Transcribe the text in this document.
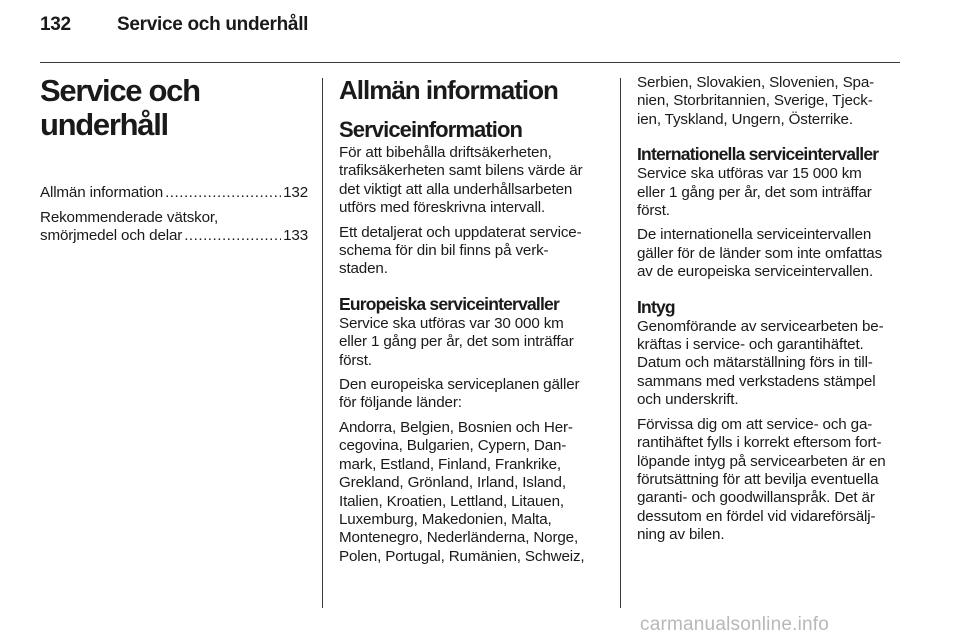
132 Service och underhåll
Service och underhåll
Allmän information .....	132
Rekommenderade vätskor,
smörjmedel och delar .....	133
Allmän information
Serviceinformation
För att bibehålla driftsäkerheten,
trafiksäkerheten samt bilens värde är
det viktigt att alla underhållsarbeten
utförs med föreskrivna intervall.
Ett detaljerat och uppdaterat service-
schema för din bil finns på verk-
staden.
Europeiska serviceintervaller
Service ska utföras var 30 000 km
eller 1 gång per år, det som inträffar
först.
Den europeiska serviceplanen gäller
för följande länder:
Andorra, Belgien, Bosnien och Her-
cegovina, Bulgarien, Cypern, Dan-
mark, Estland, Finland, Frankrike,
Grekland, Grönland, Irland, Island,
Italien, Kroatien, Lettland, Litauen,
Luxemburg, Makedonien, Malta,
Montenegro, Nederländerna, Norge,
Polen, Portugal, Rumänien, Schweiz,
Serbien, Slovakien, Slovenien, Spa-
nien, Storbritannien, Sverige, Tjeck-
ien, Tyskland, Ungern, Österrike.
Internationella serviceintervaller
Service ska utföras var 15 000 km
eller 1 gång per år, det som inträffar
först.
De internationella serviceintervallen
gäller för de länder som inte omfattas
av de europeiska serviceintervallen.
Intyg
Genomförande av servicearbeten be-
kräftas i service- och garantihäftet.
Datum och mätarställning förs in till-
sammans med verkstadens stämpel
och underskrift.
Förvissa dig om att service- och ga-
rantihäftet fylls i korrekt eftersom fort-
löpande intyg på servicearbeten är en
förutsättning för att bevilja eventuella
garanti- och goodwillanspråk. Det är
dessutom en fördel vid vidareförsälj-
ning av bilen.
carmanualsonline.info
